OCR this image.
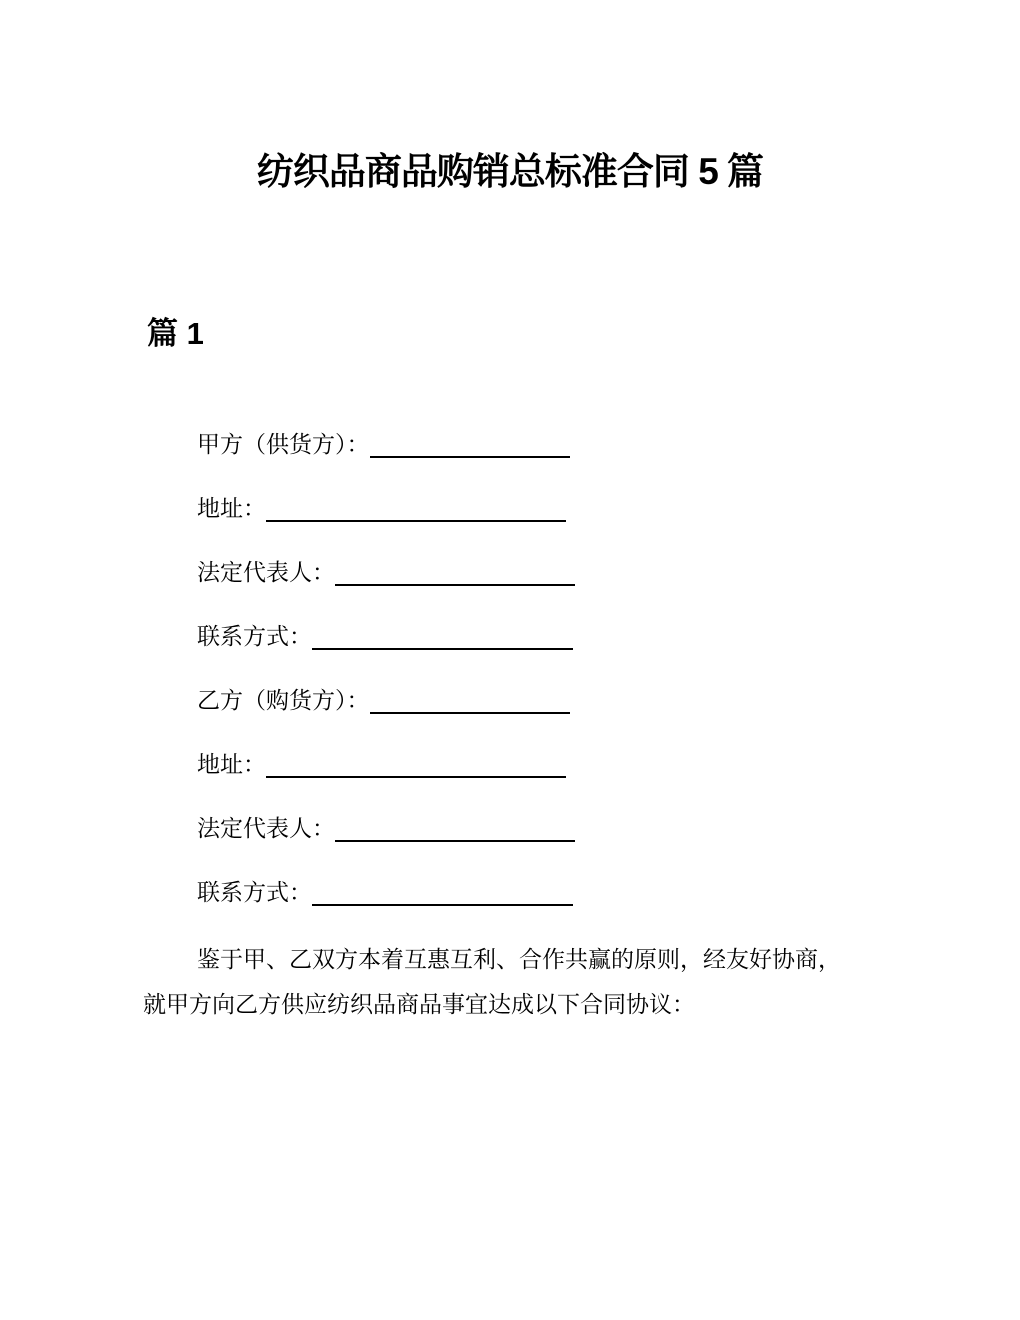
纺织品商品购销总标准合同 5 篇
篇 1
甲方（供货方）：
地址：
法定代表人：
联系方式：
乙方（购货方）：
地址：
法定代表人：
联系方式：

鉴于甲、乙双方本着互惠互利、合作共赢的原则，经友好协商，就甲方向乙方供应纺织品商品事宜达成以下合同协议：
